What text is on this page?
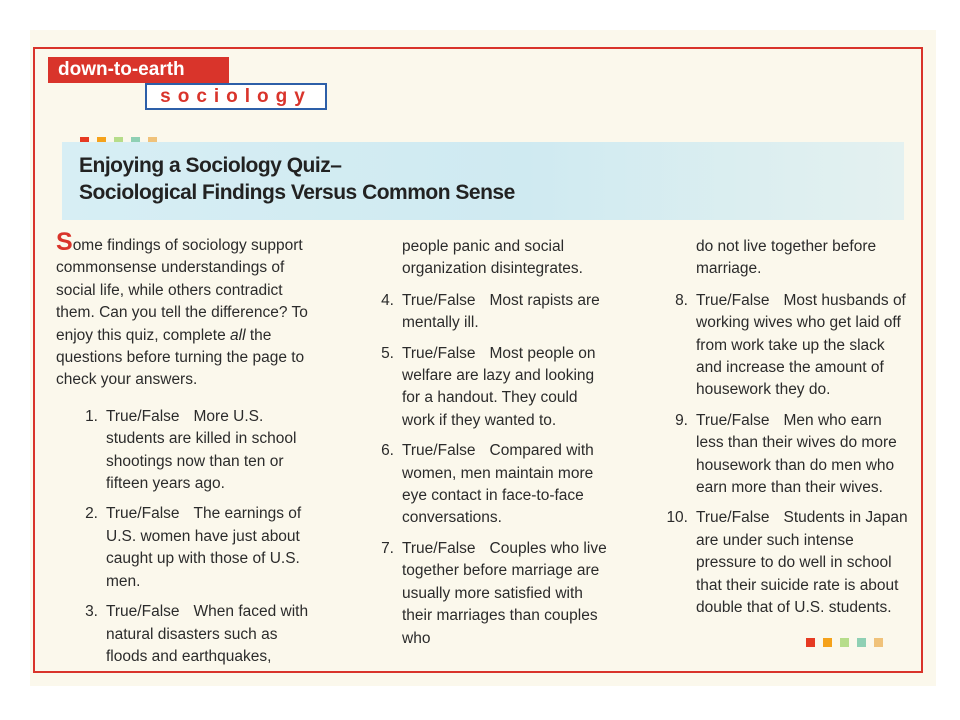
down-to-earth
sociology
Enjoying a Sociology Quiz–
Sociological Findings Versus Common Sense

Some findings of sociology support commonsense understandings of social life, while others contradict them. Can you tell the difference? To enjoy this quiz, complete all the questions before turning the page to check your answers.

1. True/False More U.S. students are killed in school shootings now than ten or fifteen years ago.
2. True/False The earnings of U.S. women have just about caught up with those of U.S. men.
3. True/False When faced with natural disasters such as floods and earthquakes,

people panic and social organization disintegrates.

4. True/False Most rapists are mentally ill.
5. True/False Most people on welfare are lazy and looking for a handout. They could work if they wanted to.
6. True/False Compared with women, men maintain more eye contact in face-to-face conversations.
7. True/False Couples who live together before marriage are usually more satisfied with their marriages than couples who

do not live together before marriage.

8. True/False Most husbands of working wives who get laid off from work take up the slack and increase the amount of housework they do.
9. True/False Men who earn less than their wives do more housework than do men who earn more than their wives.
10. True/False Students in Japan are under such intense pressure to do well in school that their suicide rate is about double that of U.S. students.
